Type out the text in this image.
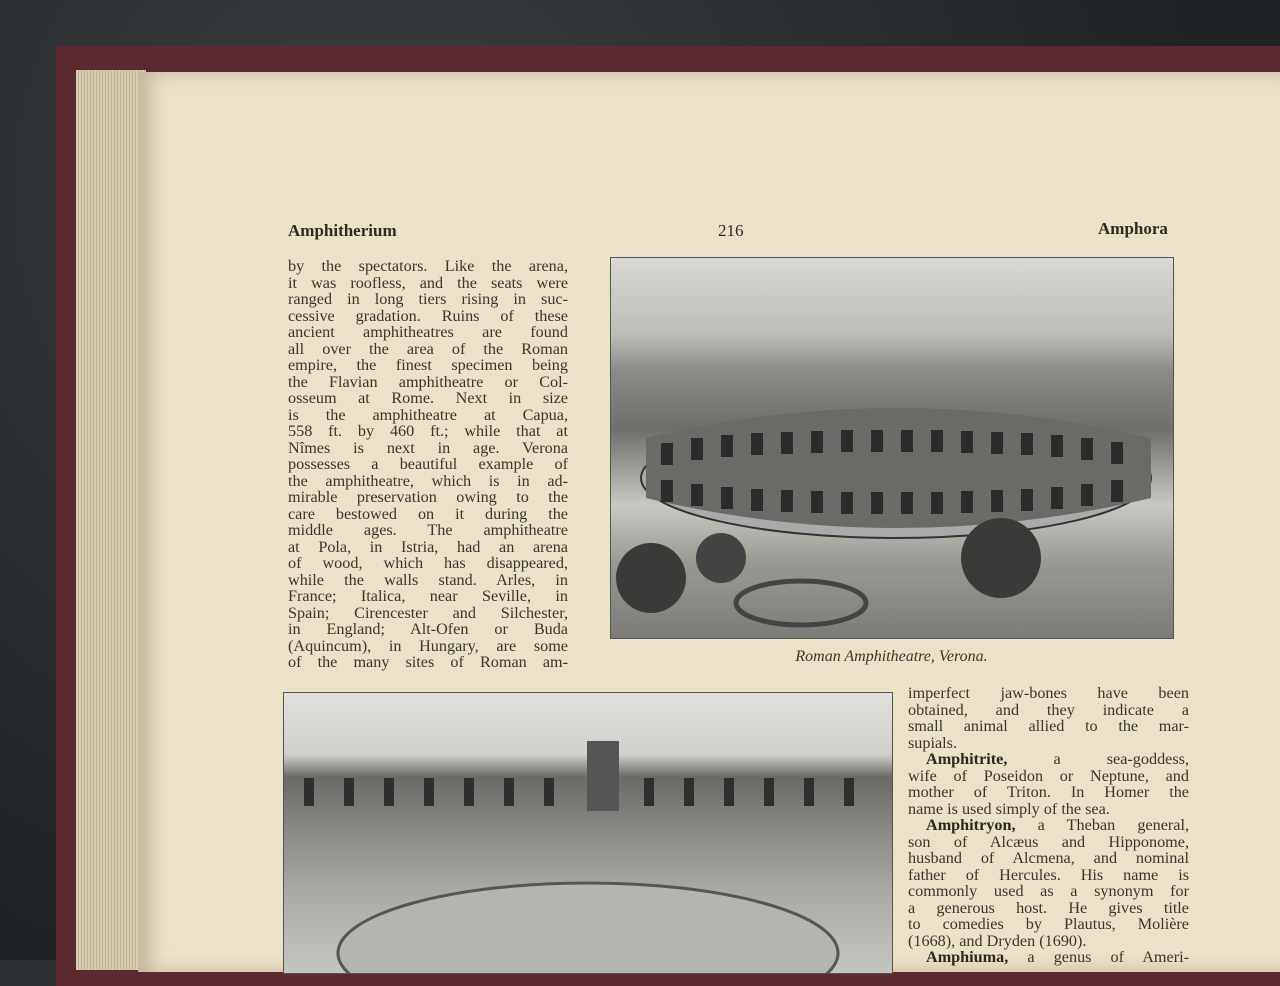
Amphitherium	216	Amphora
by the spectators. Like the arena,
it was roofless, and the seats were
ranged in long tiers rising in suc-
cessive gradation. Ruins of these
ancient amphitheatres are found
all over the area of the Roman
empire, the finest specimen being
the Flavian amphitheatre or Col-
osseum at Rome. Next in size
is the amphitheatre at Capua,
558 ft. by 460 ft.; while that at
Nîmes is next in age. Verona
possesses a beautiful example of
the amphitheatre, which is in ad-
mirable preservation owing to the
care bestowed on it during the
middle ages. The amphitheatre
at Pola, in Istria, had an arena
of wood, which has disappeared,
while the walls stand. Arles, in
France; Italica, near Seville, in
Spain; Cirencester and Silchester,
in England; Alt-Ofen or Buda
(Aquincum), in Hungary, are some
of the many sites of Roman am-	Roman Amphitheatre, Verona.
imperfect jaw-bones have been
obtained, and they indicate a
small animal allied to the mar-
supials.
Amphitrite, a sea-goddess,
wife of Poseidon or Neptune, and
mother of Triton. In Homer the
name is used simply of the sea.
Amphitryon, a Theban general,
son of Alcæus and Hipponome,
husband of Alcmena, and nominal
father of Hercules. His name is
commonly used as a synonym for
a generous host. He gives title
to comedies by Plautus, Molière
(1668), and Dryden (1690).
Amphiuma, a genus of Ameri-
